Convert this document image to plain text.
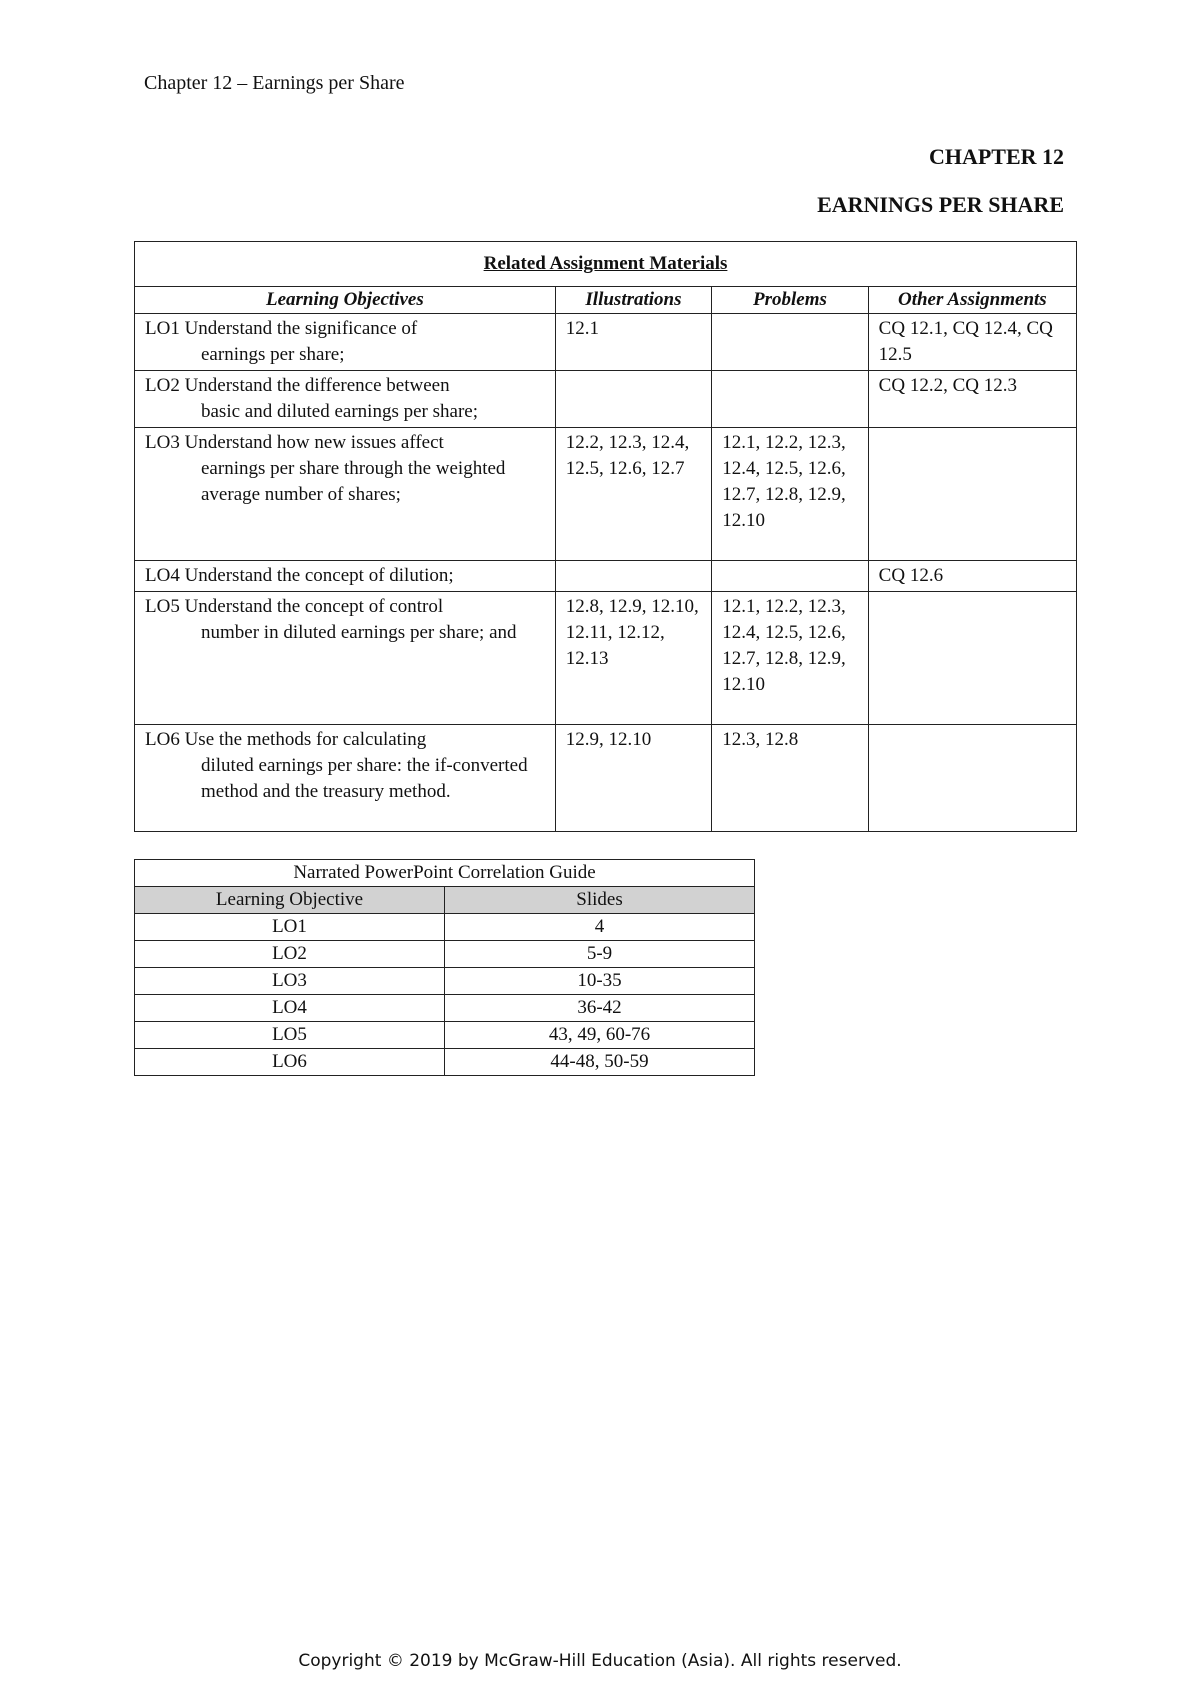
Chapter 12 – Earnings per Share
CHAPTER 12
EARNINGS PER SHARE
Related Assignment Materials			
Learning Objectives	Illustrations	Problems	Other Assignments

LO1 Understand the significance of
earnings per share;	12.1		CQ 12.1, CQ 12.4, CQ 12.5

LO2 Understand the difference between
basic and diluted earnings per share;			CQ 12.2, CQ 12.3

LO3 Understand how new issues affect
earnings per share through the weighted average number of shares;	12.2, 12.3, 12.4, 12.5, 12.6, 12.7	12.1, 12.2, 12.3, 12.4, 12.5, 12.6, 12.7, 12.8, 12.9, 12.10	

LO4 Understand the concept of dilution;			CQ 12.6

LO5 Understand the concept of control
number in diluted earnings per share; and	12.8, 12.9, 12.10, 12.11, 12.12, 12.13	12.1, 12.2, 12.3, 12.4, 12.5, 12.6, 12.7, 12.8, 12.9, 12.10	

LO6 Use the methods for calculating
diluted earnings per share: the if-converted method and the treasury method.	12.9, 12.10	12.3, 12.8	
Narrated PowerPoint Correlation Guide	
Learning Objective	Slides
LO1	4
LO2	5-9
LO3	10-35
LO4	36-42
LO5	43, 49, 60-76
LO6	44-48, 50-59
Copyright © 2019 by McGraw-Hill Education (Asia). All rights reserved.
